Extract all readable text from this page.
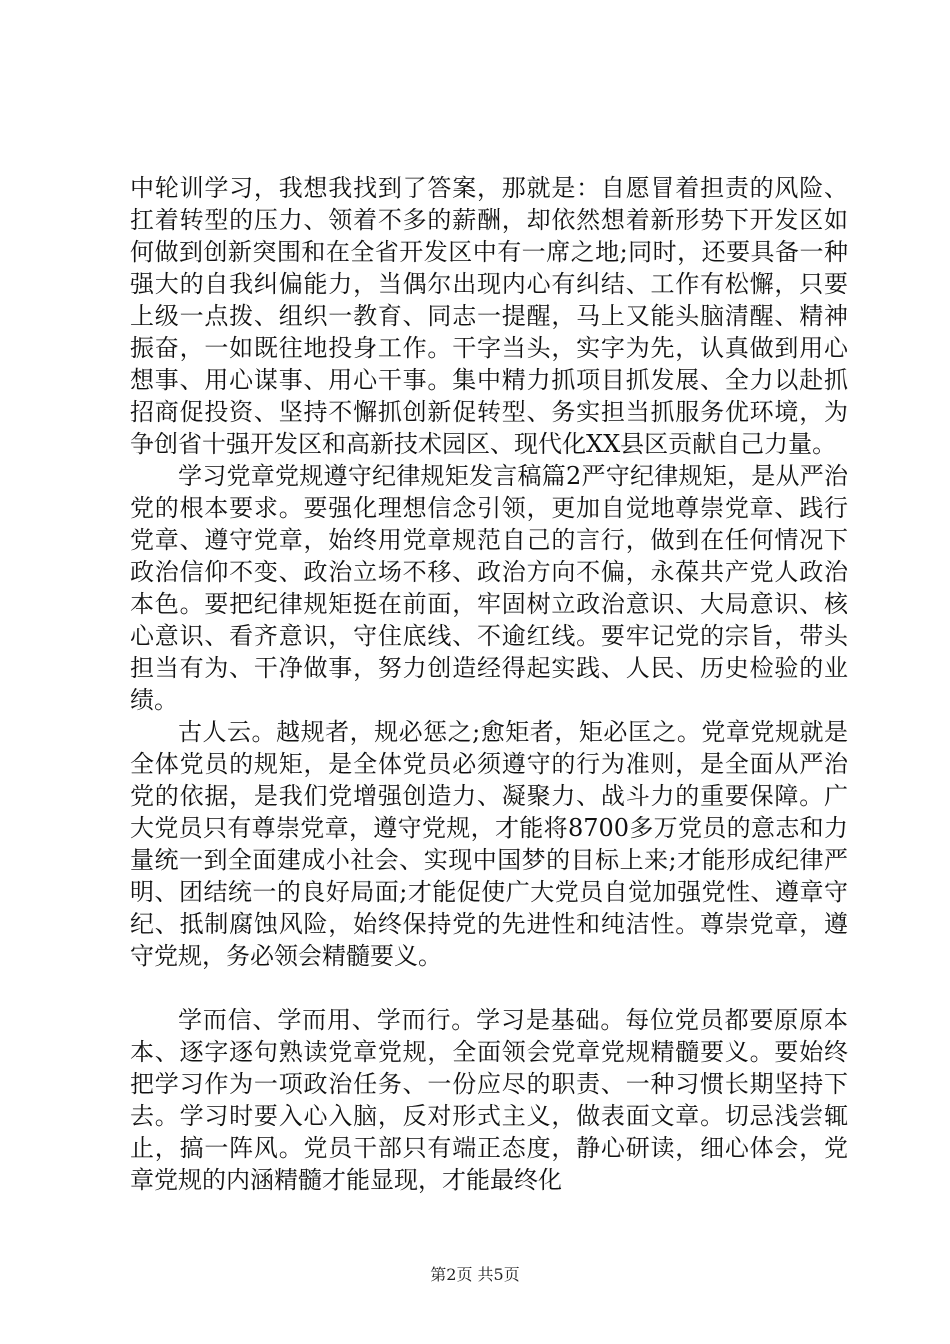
中轮训学习，我想我找到了答案，那就是：自愿冒着担责的风险、扛着转型的压力、领着不多的薪酬，却依然想着新形势下开发区如何做到创新突围和在全省开发区中有一席之地;同时，还要具备一种强大的自我纠偏能力，当偶尔出现内心有纠结、工作有松懈，只要上级一点拨、组织一教育、同志一提醒，马上又能头脑清醒、精神振奋，一如既往地投身工作。干字当头，实字为先，认真做到用心想事、用心谋事、用心干事。集中精力抓项目抓发展、全力以赴抓招商促投资、坚持不懈抓创新促转型、务实担当抓服务优环境，为争创省十强开发区和高新技术园区、现代化XX县区贡献自己力量。

学习党章党规遵守纪律规矩发言稿篇2严守纪律规矩，是从严治党的根本要求。要强化理想信念引领，更加自觉地尊崇党章、践行党章、遵守党章，始终用党章规范自己的言行，做到在任何情况下政治信仰不变、政治立场不移、政治方向不偏，永葆共产党人政治本色。要把纪律规矩挺在前面，牢固树立政治意识、大局意识、核心意识、看齐意识，守住底线、不逾红线。要牢记党的宗旨，带头担当有为、干净做事，努力创造经得起实践、人民、历史检验的业绩。

古人云。越规者，规必惩之;愈矩者，矩必匡之。党章党规就是全体党员的规矩，是全体党员必须遵守的行为准则，是全面从严治党的依据，是我们党增强创造力、凝聚力、战斗力的重要保障。广大党员只有尊崇党章，遵守党规，才能将8700多万党员的意志和力量统一到全面建成小社会、实现中国梦的目标上来;才能形成纪律严明、团结统一的良好局面;才能促使广大党员自觉加强党性、遵章守纪、抵制腐蚀风险，始终保持党的先进性和纯洁性。尊崇党章，遵守党规，务必领会精髓要义。

学而信、学而用、学而行。学习是基础。每位党员都要原原本本、逐字逐句熟读党章党规，全面领会党章党规精髓要义。要始终把学习作为一项政治任务、一份应尽的职责、一种习惯长期坚持下去。学习时要入心入脑，反对形式主义，做表面文章。切忌浅尝辄止，搞一阵风。党员干部只有端正态度，静心研读，细心体会，党章党规的内涵精髓才能显现，才能最终化

第2页 共5页
